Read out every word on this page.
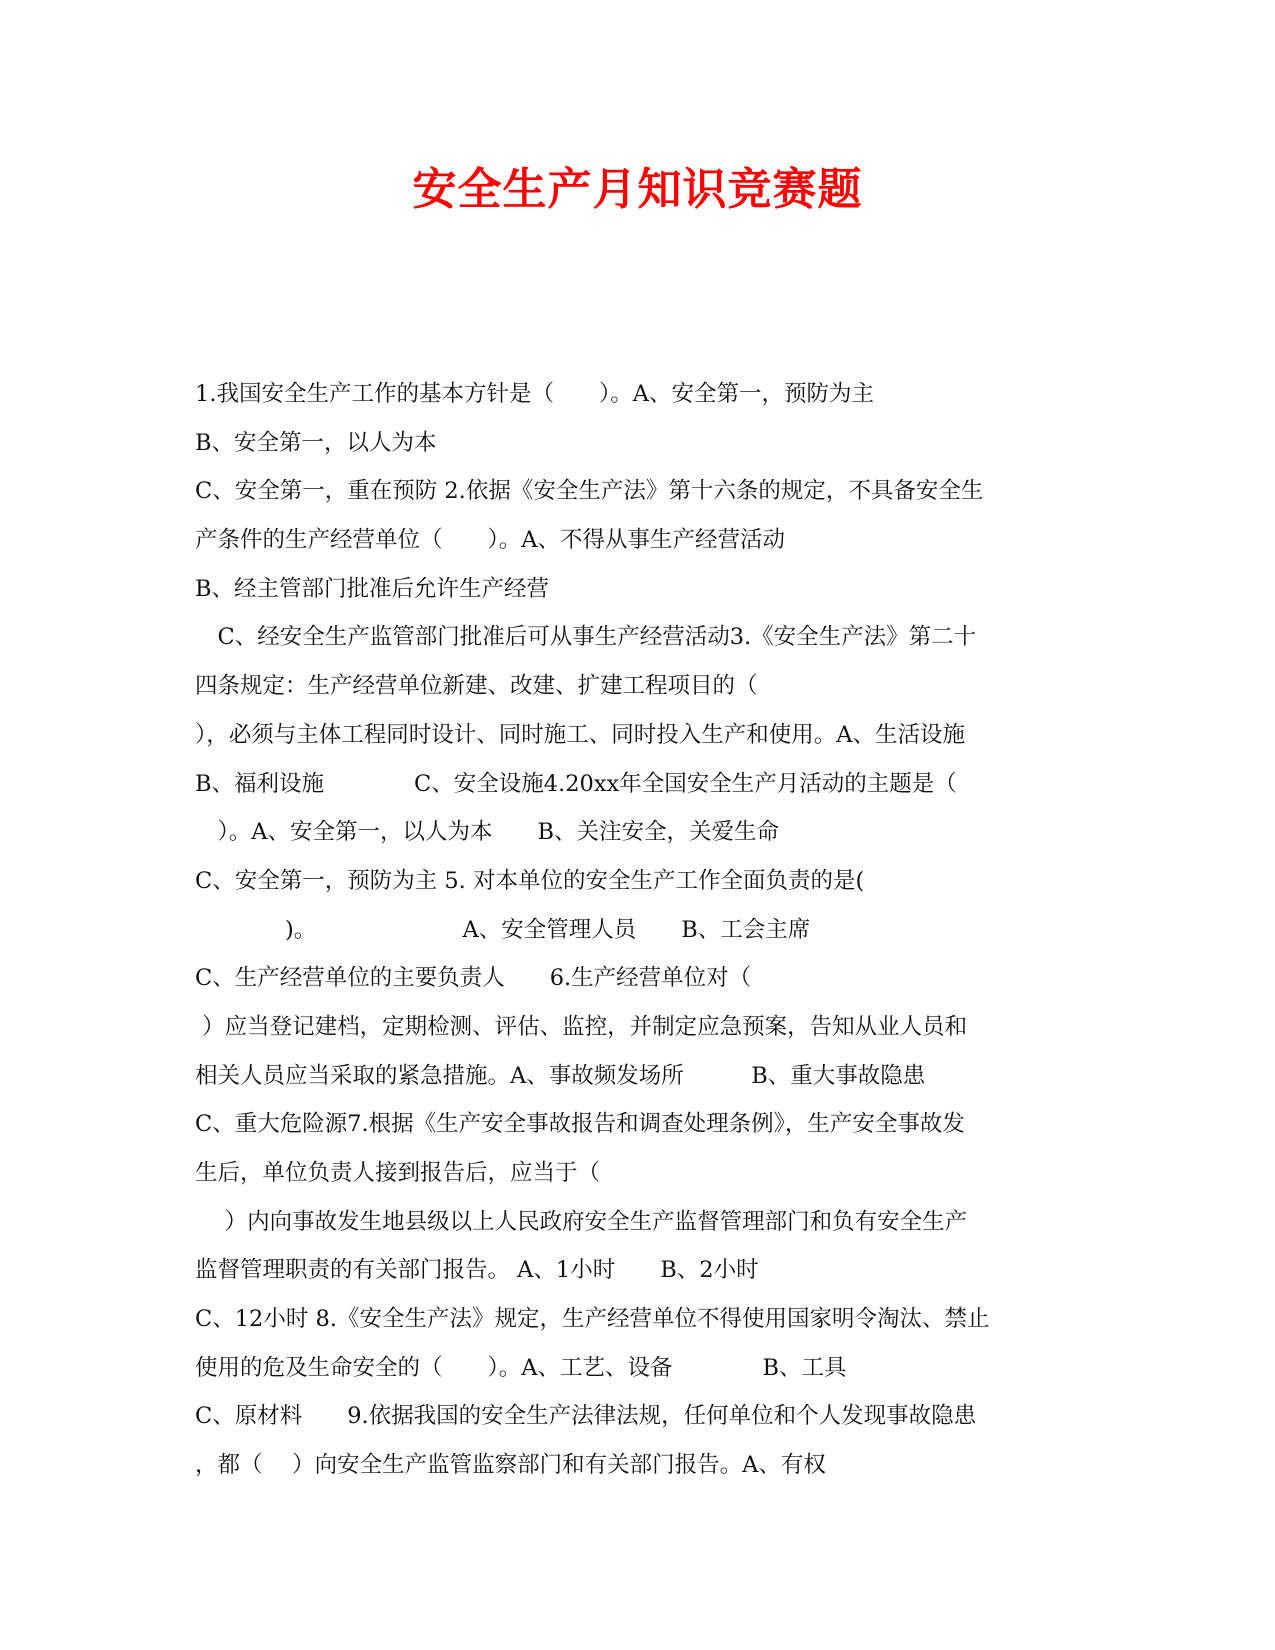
安全生产月知识竞赛题
1.我国安全生产工作的基本方针是（　　）。A、安全第一，预防为主
B、安全第一，以人为本
C、安全第一，重在预防 2.依据《安全生产法》第十六条的规定，不具备安全生
产条件的生产经营单位（　　）。A、不得从事生产经营活动
B、经主管部门批准后允许生产经营
　C、经安全生产监管部门批准后可从事生产经营活动3.《安全生产法》第二十
四条规定：生产经营单位新建、改建、扩建工程项目的（
），必须与主体工程同时设计、同时施工、同时投入生产和使用。A、生活设施
B、福利设施　　　　C、安全设施4.20xx年全国安全生产月活动的主题是（
　）。A、安全第一，以人为本　　B、关注安全，关爱生命
C、安全第一，预防为主 5. 对本单位的安全生产工作全面负责的是(
　　　　)。　　　　　　　A、安全管理人员　　B、工会主席
C、生产经营单位的主要负责人　　6.生产经营单位对（
）应当登记建档，定期检测、评估、监控，并制定应急预案，告知从业人员和
相关人员应当采取的紧急措施。A、事故频发场所　　　B、重大事故隐患
C、重大危险源7.根据《生产安全事故报告和调查处理条例》，生产安全事故发
生后，单位负责人接到报告后，应当于（
　 ）内向事故发生地县级以上人民政府安全生产监督管理部门和负有安全生产
监督管理职责的有关部门报告。 A、1小时　　B、2小时
C、12小时 8.《安全生产法》规定，生产经营单位不得使用国家明令淘汰、禁止
使用的危及生命安全的（　　）。A、工艺、设备　　　　B、工具
C、原材料　　9.依据我国的安全生产法律法规，任何单位和个人发现事故隐患
，都（　 ）向安全生产监管监察部门和有关部门报告。A、有权
